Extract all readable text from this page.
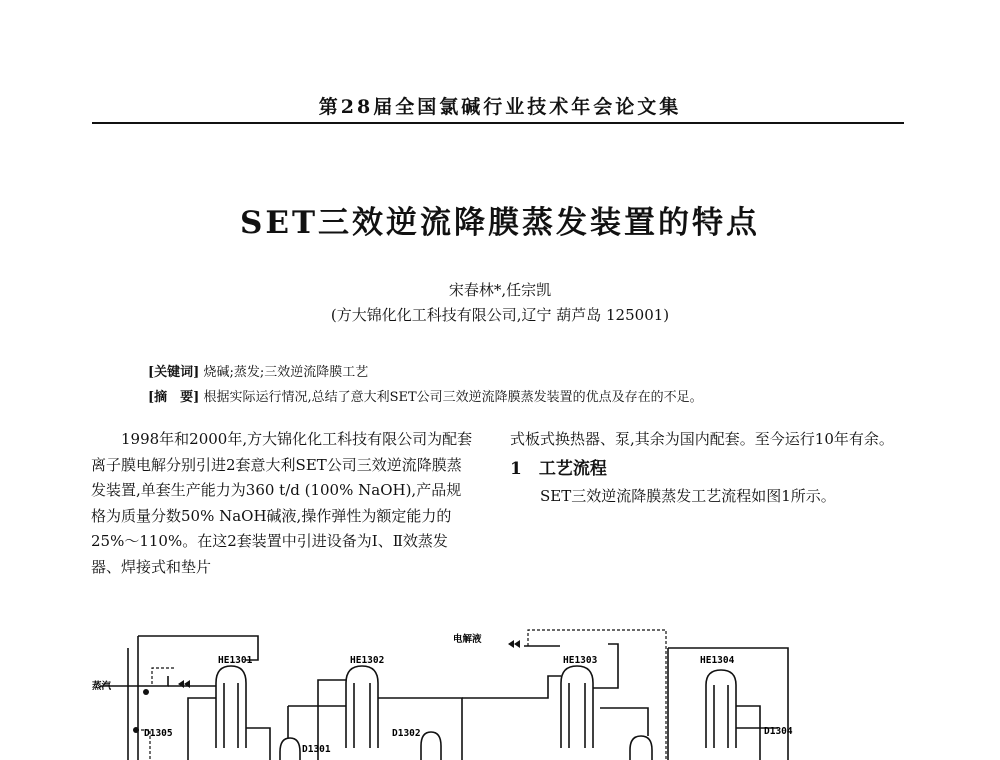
第28届全国氯碱行业技术年会论文集
SET三效逆流降膜蒸发装置的特点
宋春林*,任宗凯
(方大锦化化工科技有限公司,辽宁 葫芦岛 125001)
[关键词] 烧碱;蒸发;三效逆流降膜工艺
[摘　要] 根据实际运行情况,总结了意大利SET公司三效逆流降膜蒸发装置的优点及存在的不足。

1998年和2000年,方大锦化化工科技有限公司为配套离子膜电解分别引进2套意大利SET公司三效逆流降膜蒸发装置,单套生产能力为360 t/d (100% NaOH),产品规格为质量分数50% NaOH碱液,操作弹性为额定能力的25%～110%。在这2套装置中引进设备为Ⅰ、Ⅱ效蒸发器、焊接式和垫片

式板式换热器、泵,其余为国内配套。至今运行10年有余。

1　工艺流程

SET三效逆流降膜蒸发工艺流程如图1所示。

蒸汽
HE1301	HE1302	HE1303	HE1304
电解液
D1305
D1301
D1302	D1304
